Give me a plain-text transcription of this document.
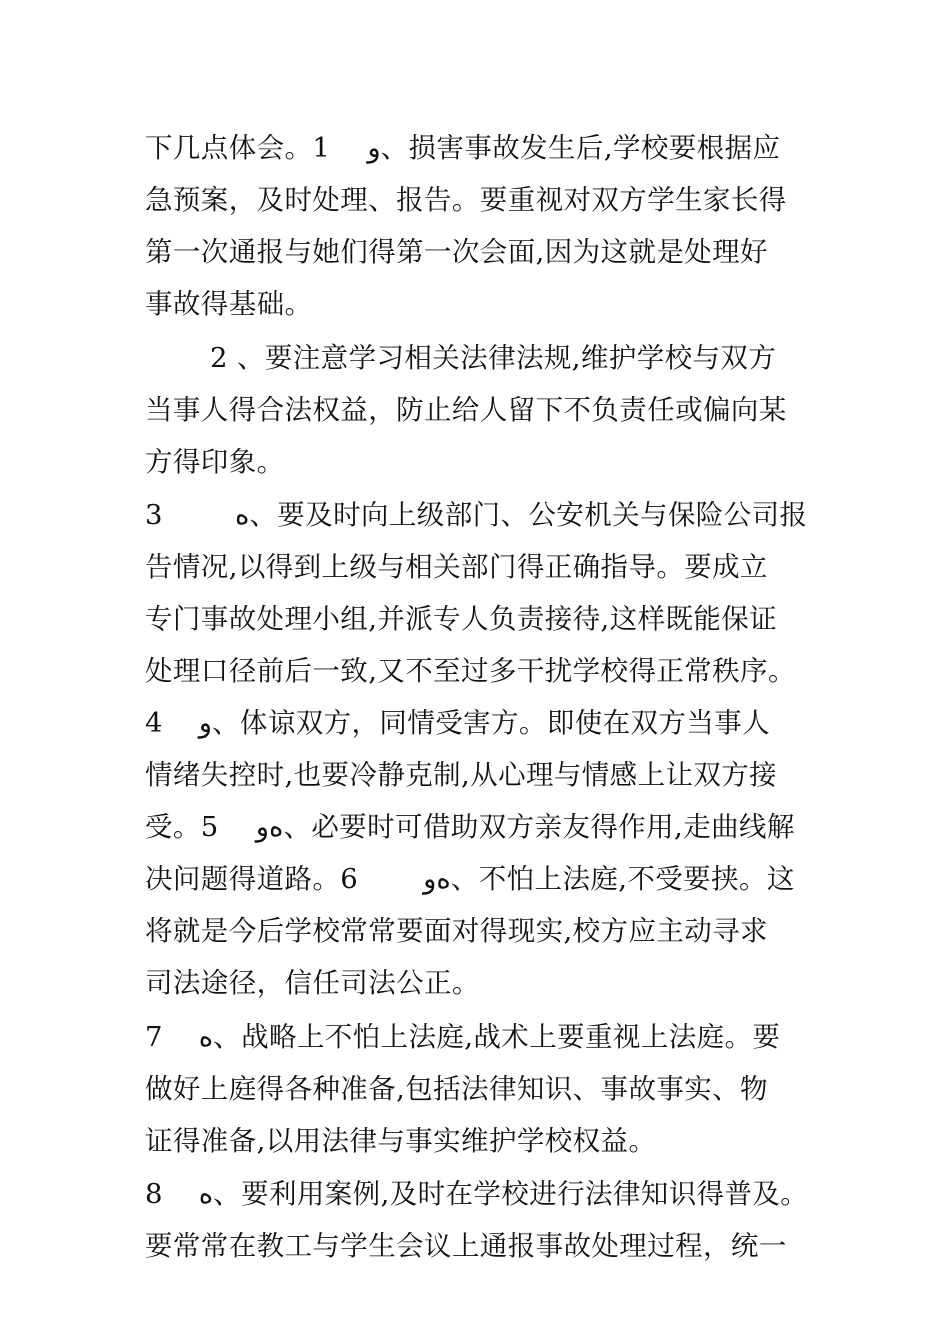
下几点体会。1 　و、损害事故发生后,学校要根据应
急预案，及时处理、报告。要重视对双方学生家长得
第一次通报与她们得第一次会面,因为这就是处理好
事故得基础。
　　 2 、要注意学习相关法律法规,维护学校与双方
当事人得合法权益，防止给人留下不负责任或偏向某
方得印象。
3 　 　ﻩ、要及时向上级部门、公安机关与保险公司报
告情况,以得到上级与相关部门得正确指导。要成立
专门事故处理小组,并派专人负责接待,这样既能保证
处理口径前后一致,又不至过多干扰学校得正常秩序。
4 　و、体谅双方，同情受害方。即使在双方当事人
情绪失控时,也要冷静克制,从心理与情感上让双方接
受。5 　ﻩو、必要时可借助双方亲友得作用,走曲线解
决问题得道路。6 　　ﻩو、不怕上法庭,不受要挟。这
将就是今后学校常常要面对得现实,校方应主动寻求
司法途径，信任司法公正。
7 　ﻩ、战略上不怕上法庭,战术上要重视上法庭。要
做好上庭得各种准备,包括法律知识、事故事实、物
证得准备,以用法律与事实维护学校权益。
8 　ﻩ、要利用案例,及时在学校进行法律知识得普及。
要常常在教工与学生会议上通报事故处理过程，统一
